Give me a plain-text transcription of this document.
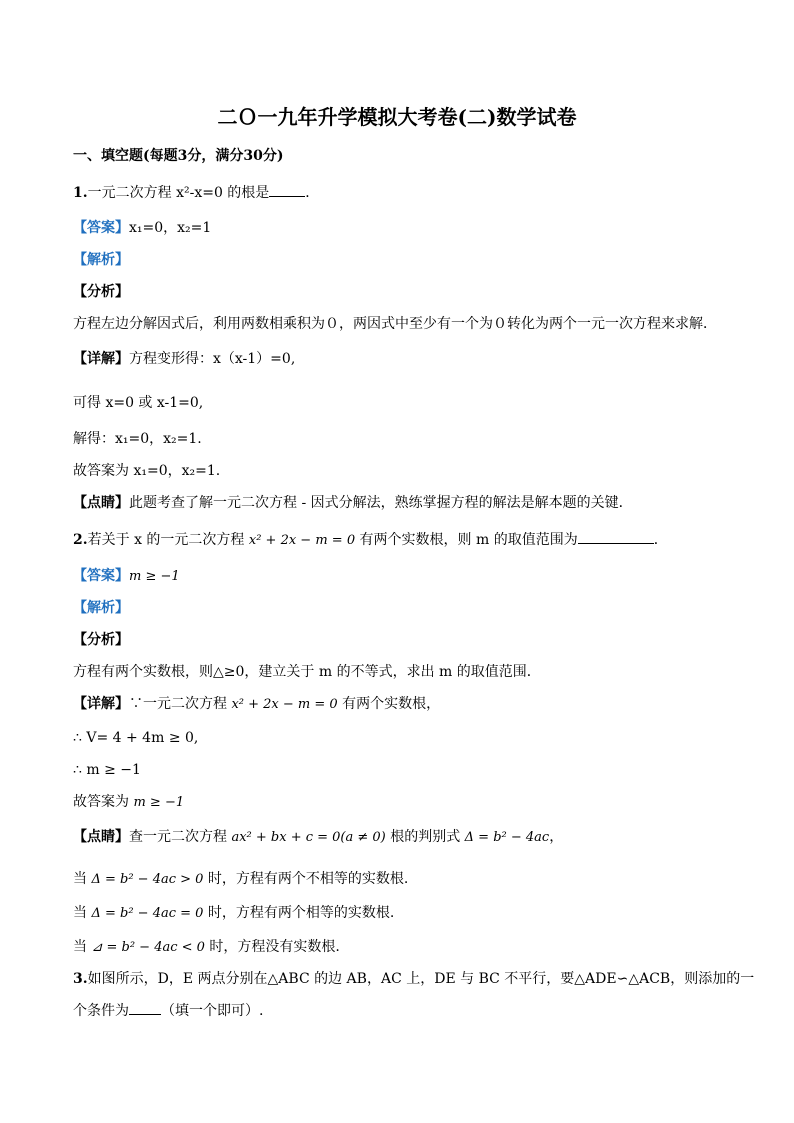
二Ｏ一九年升学模拟大考卷(二)数学试卷
一、填空题(每题3分，满分30分)
1.一元二次方程 x²-x=0 的根是	．
【答案】x₁=0，x₂=1
【解析】
【分析】
方程左边分解因式后，利用两数相乘积为０，两因式中至少有一个为０转化为两个一元一次方程来求解．
【详解】方程变形得：x（x-1）=0,
可得 x=0 或 x-1=0,
解得：x₁=0，x₂=1.
故答案为 x₁=0，x₂=1.
【点睛】此题考查了解一元二次方程 - 因式分解法，熟练掌握方程的解法是解本题的关键．
2.若关于 x 的一元二次方程 x² + 2x − m = 0 有两个实数根，则 m 的取值范围为	．
【答案】m ≥ −1
【解析】
【分析】
方程有两个实数根，则△≥0，建立关于 m 的不等式，求出 m 的取值范围．
【详解】∵一元二次方程 x² + 2x − m = 0 有两个实数根，
∴ V= 4 + 4m ≥ 0,
∴ m ≥ −1
故答案为 m ≥ −1
【点睛】查一元二次方程 ax² + bx + c = 0(a ≠ 0) 根的判别式 Δ = b² − 4ac，
当 Δ = b² − 4ac > 0 时，方程有两个不相等的实数根.
当 Δ = b² − 4ac = 0 时，方程有两个相等的实数根.
当 ⊿ = b² − 4ac < 0 时，方程没有实数根.
3.如图所示，D，E 两点分别在△ABC 的边 AB，AC 上，DE 与 BC 不平行，要△ADE∽△ACB，则添加的一
个条件为 （填一个即可）.
